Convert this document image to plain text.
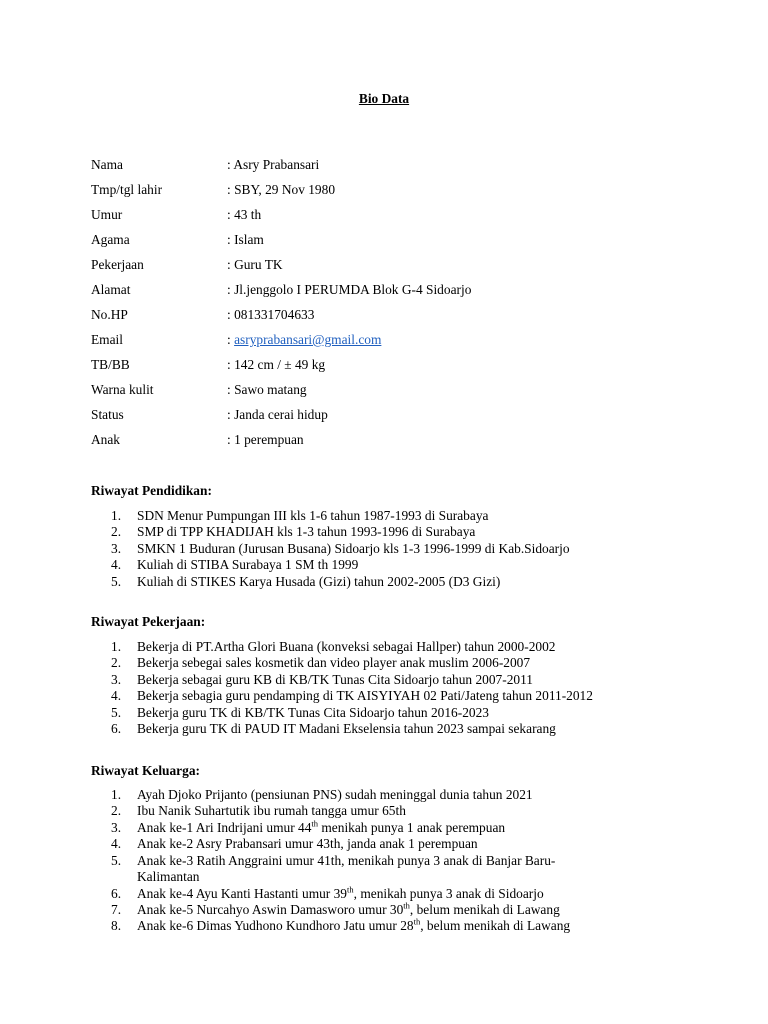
Bio Data
Nama	: Asry Prabansari
Tmp/tgl lahir	: SBY, 29 Nov 1980
Umur	: 43 th
Agama	: Islam
Pekerjaan	: Guru TK
Alamat	: Jl.jenggolo I PERUMDA Blok G-4 Sidoarjo
No.HP	: 081331704633
Email	: asryprabansari@gmail.com
TB/BB	: 142 cm / ± 49 kg
Warna kulit	: Sawo matang
Status	: Janda cerai hidup
Anak	: 1 perempuan
Riwayat Pendidikan:
1.	SDN Menur Pumpungan III kls 1-6 tahun 1987-1993 di Surabaya
2.	SMP di TPP KHADIJAH kls 1-3 tahun 1993-1996 di Surabaya
3.	SMKN 1 Buduran (Jurusan Busana) Sidoarjo kls 1-3 1996-1999 di Kab.Sidoarjo
4.	Kuliah di STIBA Surabaya 1 SM th 1999
5.	Kuliah di STIKES Karya Husada (Gizi) tahun 2002-2005 (D3 Gizi)
Riwayat Pekerjaan:
1.	Bekerja di PT.Artha Glori Buana (konveksi sebagai Hallper) tahun 2000-2002
2.	Bekerja sebegai sales kosmetik dan video player anak muslim 2006-2007
3.	Bekerja sebagai guru KB di KB/TK Tunas Cita Sidoarjo tahun 2007-2011
4.	Bekerja sebagia guru pendamping di TK AISYIYAH 02 Pati/Jateng tahun 2011-2012
5.	Bekerja guru TK di KB/TK Tunas Cita Sidoarjo tahun 2016-2023
6.	Bekerja guru TK di PAUD IT Madani Ekselensia tahun 2023 sampai sekarang
Riwayat Keluarga:
1.	Ayah Djoko Prijanto (pensiunan PNS) sudah meninggal dunia tahun 2021
2.	Ibu Nanik Suhartutik ibu rumah tangga umur 65th
3.	Anak ke-1 Ari Indrijani umur 44th menikah punya 1 anak perempuan
4.	Anak ke-2 Asry Prabansari umur 43th, janda anak 1 perempuan
5.	Anak ke-3 Ratih Anggraini umur 41th, menikah punya 3 anak di Banjar Baru-
Kalimantan
6.	Anak ke-4 Ayu Kanti Hastanti umur 39th, menikah punya 3 anak di Sidoarjo
7.	Anak ke-5 Nurcahyo Aswin Damasworo umur 30th, belum menikah di Lawang
8.	Anak ke-6 Dimas Yudhono Kundhoro Jatu umur 28th, belum menikah di Lawang
